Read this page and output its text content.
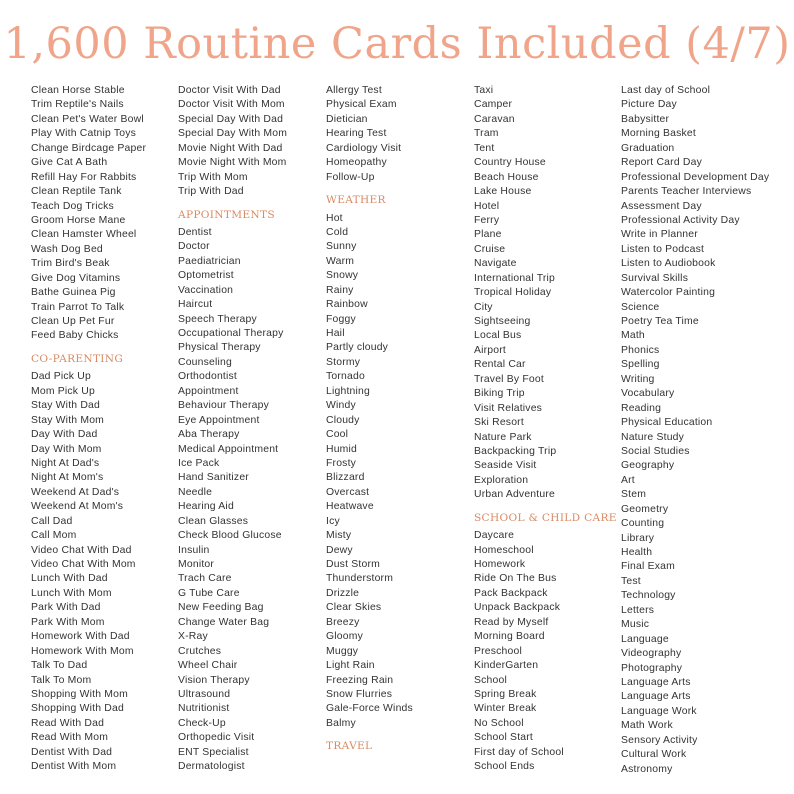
1,600 Routine Cards Included (4/7)
Clean Horse Stable
Trim Reptile's Nails
Clean Pet's Water Bowl
Play With Catnip Toys
Change Birdcage Paper
Give Cat A Bath
Refill Hay For Rabbits
Clean Reptile Tank
Teach Dog Tricks
Groom Horse Mane
Clean Hamster Wheel
Wash Dog Bed
Trim Bird's Beak
Give Dog Vitamins
Bathe Guinea Pig
Train Parrot To Talk
Clean Up Pet Fur
Feed Baby Chicks
CO-PARENTING
Dad Pick Up
Mom Pick Up
Stay With Dad
Stay With Mom
Day With Dad
Day With Mom
Night At Dad's
Night At Mom's
Weekend At Dad's
Weekend At Mom's
Call Dad
Call Mom
Video Chat With Dad
Video Chat With Mom
Lunch With Dad
Lunch With Mom
Park With Dad
Park With Mom
Homework With Dad
Homework With Mom
Talk To Dad
Talk To Mom
Shopping With Mom
Shopping With Dad
Read With Dad
Read With Mom
Dentist With Dad
Dentist With Mom
Doctor Visit With Dad
Doctor Visit With Mom
Special Day With Dad
Special Day With Mom
Movie Night With Dad
Movie Night With Mom
Trip With Mom
Trip With Dad
APPOINTMENTS
Dentist
Doctor
Paediatrician
Optometrist
Vaccination
Haircut
Speech Therapy
Occupational Therapy
Physical Therapy
Counseling
Orthodontist
Appointment
Behaviour Therapy
Eye Appointment
Aba Therapy
Medical Appointment
Ice Pack
Hand Sanitizer
Needle
Hearing Aid
Clean Glasses
Check Blood Glucose
Insulin
Monitor
Trach Care
G Tube Care
New Feeding Bag
Change Water Bag
X-Ray
Crutches
Wheel Chair
Vision Therapy
Ultrasound
Nutritionist
Check-Up
Orthopedic Visit
ENT Specialist
Dermatologist
Allergy Test
Physical Exam
Dietician
Hearing Test
Cardiology Visit
Homeopathy
Follow-Up
WEATHER
Hot
Cold
Sunny
Warm
Snowy
Rainy
Rainbow
Foggy
Hail
Partly cloudy
Stormy
Tornado
Lightning
Windy
Cloudy
Cool
Humid
Frosty
Blizzard
Overcast
Heatwave
Icy
Misty
Dewy
Dust Storm
Thunderstorm
Drizzle
Clear Skies
Breezy
Gloomy
Muggy
Light Rain
Freezing Rain
Snow Flurries
Gale-Force Winds
Balmy
TRAVEL
Taxi
Camper
Caravan
Tram
Tent
Country House
Beach House
Lake House
Hotel
Ferry
Plane
Cruise
Navigate
International Trip
Tropical Holiday
City
Sightseeing
Local Bus
Airport
Rental Car
Travel By Foot
Biking Trip
Visit Relatives
Ski Resort
Nature Park
Backpacking Trip
Seaside Visit
Exploration
Urban Adventure
SCHOOL & CHILD CARE
Daycare
Homeschool
Homework
Ride On The Bus
Pack Backpack
Unpack Backpack
Read by Myself
Morning Board
Preschool
KinderGarten
School
Spring Break
Winter Break
No School
School Start
First day of School
School Ends
Last day of School
Picture Day
Babysitter
Morning Basket
Graduation
Report Card Day
Professional Development Day
Parents Teacher Interviews
Assessment Day
Professional Activity Day
Write in Planner
Listen to Podcast
Listen to Audiobook
Survival Skills
Watercolor Painting
Science
Poetry Tea Time
Math
Phonics
Spelling
Writing
Vocabulary
Reading
Physical Education
Nature Study
Social Studies
Geography
Art
Stem
Geometry
Counting
Library
Health
Final Exam
Test
Technology
Letters
Music
Language
Videography
Photography
Language Arts
Language Arts
Language Work
Math Work
Sensory Activity
Cultural Work
Astronomy
